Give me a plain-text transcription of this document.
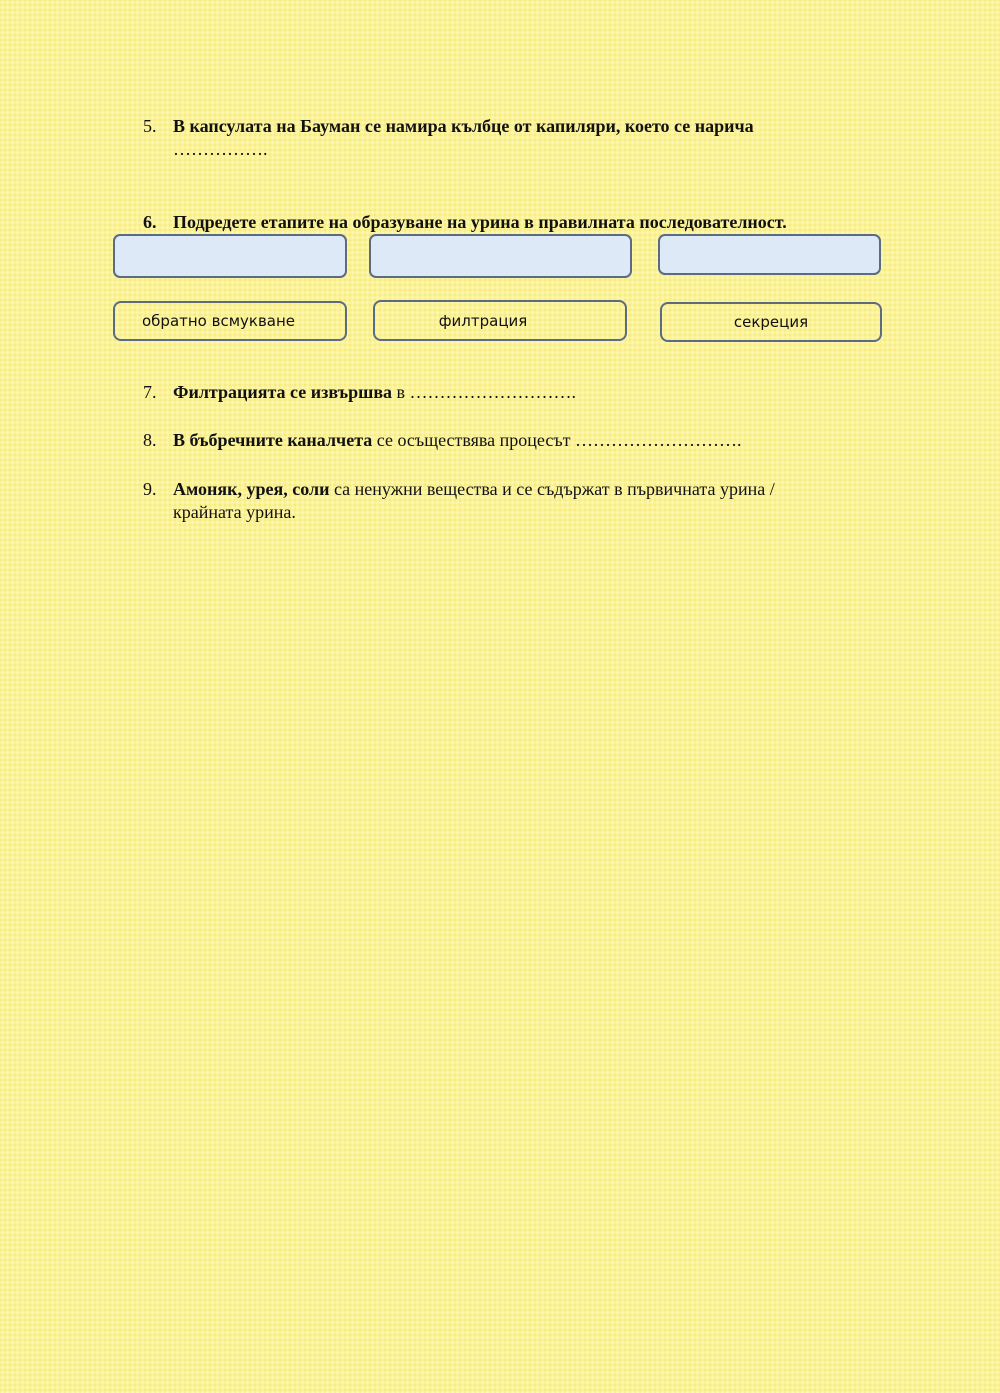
5. В капсулата на Бауман се намира кълбце от капиляри, което се нарича
…………….
6. Подредете етапите на образуване на урина в правилната последователност.
обратно всмукване	филтрация	секреция
7. Филтрацията се извършва в ……………………….
8. В бъбречните каналчета се осъществява процесът ……………………….
9. Амоняк, урея, соли са ненужни вещества и се съдържат в първичната урина / крайната урина.
